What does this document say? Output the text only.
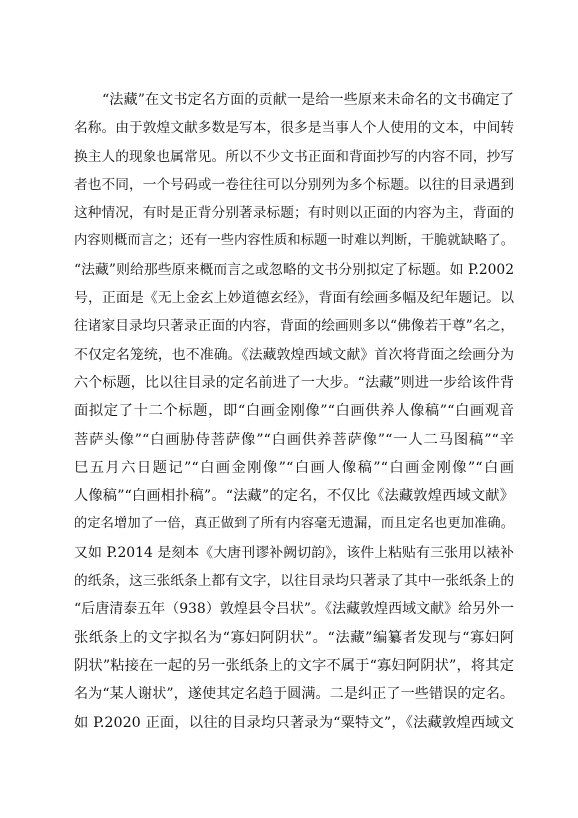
“法藏”在文书定名方面的贡献一是给一些原来未命名的文书确定了
名称。由于敦煌文献多数是写本，很多是当事人个人使用的文本，中间转
换主人的现象也属常见。所以不少文书正面和背面抄写的内容不同，抄写
者也不同，一个号码或一卷往往可以分别列为多个标题。以往的目录遇到
这种情况，有时是正背分别著录标题；有时则以正面的内容为主，背面的
内容则概而言之；还有一些内容性质和标题一时难以判断，干脆就缺略了。
“法藏”则给那些原来概而言之或忽略的文书分别拟定了标题。如 P.2002
号，正面是《无上金玄上妙道德玄经》，背面有绘画多幅及纪年题记。以
往诸家目录均只著录正面的内容，背面的绘画则多以“佛像若干尊”名之，
不仅定名笼统，也不准确。《法藏敦煌西域文献》首次将背面之绘画分为
六个标题，比以往目录的定名前进了一大步。“法藏”则进一步给该件背
面拟定了十二个标题，即“白画金刚像”“白画供养人像稿”“白画观音
菩萨头像”“白画胁侍菩萨像”“白画供养菩萨像”“一人二马图稿”“辛
巳五月六日题记”“白画金刚像”“白画人像稿”“白画金刚像”“白画
人像稿”“白画相扑稿”。“法藏”的定名，不仅比《法藏敦煌西域文献》
的定名增加了一倍，真正做到了所有内容毫无遗漏，而且定名也更加准确。
又如 P.2014 是刻本《大唐刊谬补阙切韵》，该件上粘贴有三张用以裱补
的纸条，这三张纸条上都有文字，以往目录均只著录了其中一张纸条上的
“后唐清泰五年（938）敦煌县令吕状”。《法藏敦煌西域文献》给另外一
张纸条上的文字拟名为“寡妇阿阴状”。“法藏”编纂者发现与“寡妇阿
阴状”粘接在一起的另一张纸条上的文字不属于“寡妇阿阴状”，将其定
名为“某人谢状”，遂使其定名趋于圆满。二是纠正了一些错误的定名。
如 P.2020 正面，以往的目录均只著录为“粟特文”，《法藏敦煌西域文
